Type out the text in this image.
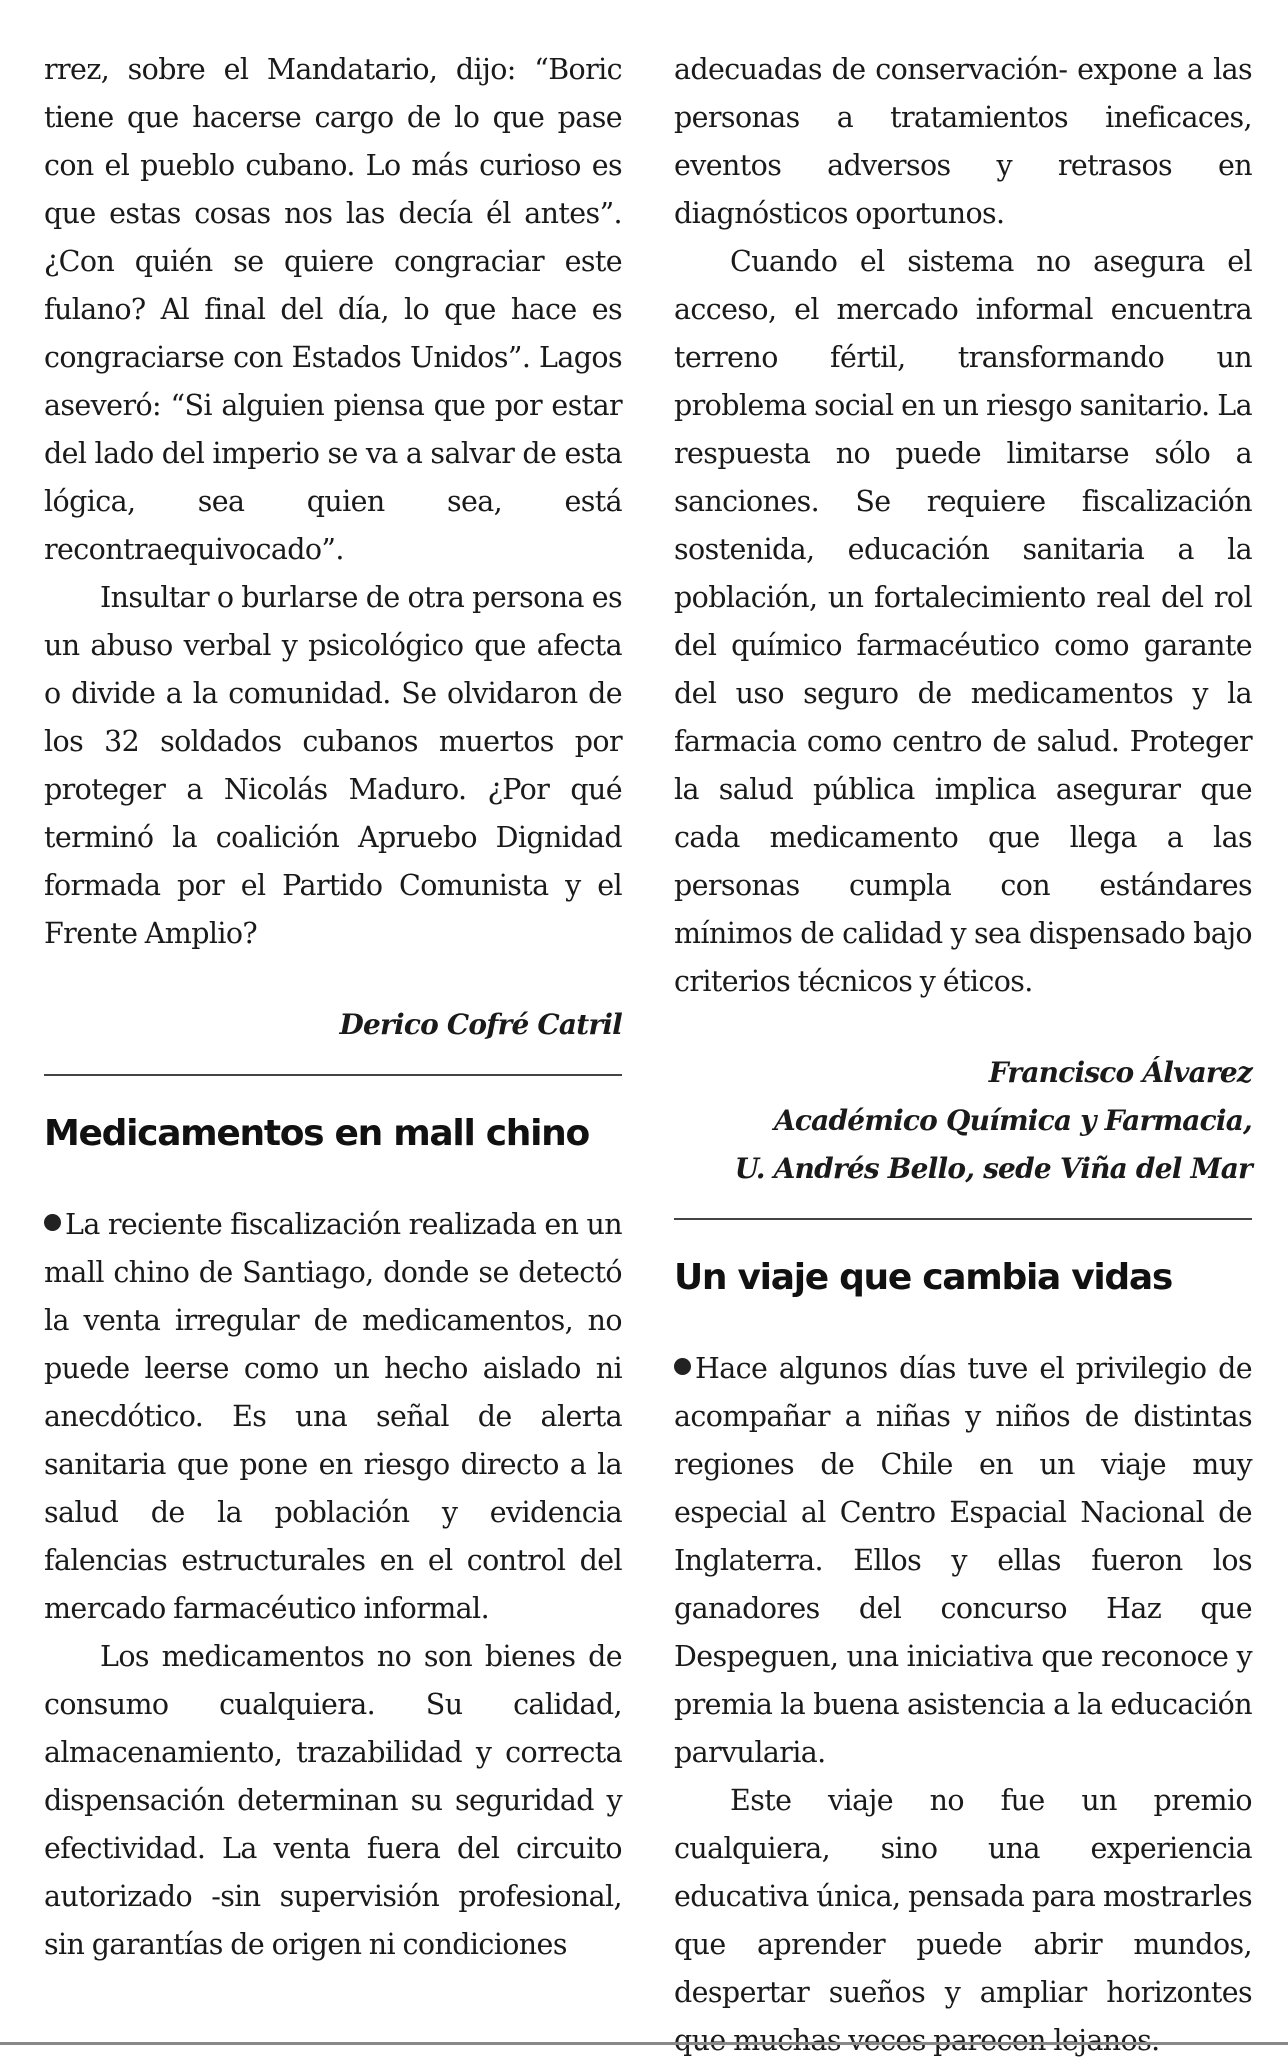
rrez, sobre el Mandatario, dijo: “Boric tiene que hacerse cargo de lo que pase con el pueblo cubano. Lo más curioso es que estas cosas nos las decía él antes”. ¿Con quién se quiere congraciar este fulano? Al final del día, lo que hace es congraciarse con Estados Unidos”. Lagos aseveró: “Si alguien piensa que por estar del lado del imperio se va a salvar de esta lógica, sea quien sea, está recontraequivocado”.

Insultar o burlarse de otra persona es un abuso verbal y psicológico que afecta o divide a la comunidad. Se olvidaron de los 32 soldados cubanos muertos por proteger a Nicolás Maduro. ¿Por qué terminó la coalición Apruebo Dignidad formada por el Partido Comunista y el Frente Amplio?

Derico Cofré Catril

Medicamentos en mall chino

La reciente fiscalización realizada en un mall chino de Santiago, donde se detectó la venta irregular de medicamentos, no puede leerse como un hecho aislado ni anecdótico. Es una señal de alerta sanitaria que pone en riesgo directo a la salud de la población y evidencia falencias estructurales en el control del mercado farmacéutico informal.

Los medicamentos no son bienes de consumo cualquiera. Su calidad, almacenamiento, trazabilidad y correcta dispensación determinan su seguridad y efectividad. La venta fuera del circuito autorizado -sin supervisión profesional, sin garantías de origen ni condiciones

adecuadas de conservación- expone a las personas a tratamientos ineficaces, eventos adversos y retrasos en diagnósticos oportunos.

Cuando el sistema no asegura el acceso, el mercado informal encuentra terreno fértil, transformando un problema social en un riesgo sanitario. La respuesta no puede limitarse sólo a sanciones. Se requiere fiscalización sostenida, educación sanitaria a la población, un fortalecimiento real del rol del químico farmacéutico como garante del uso seguro de medicamentos y la farmacia como centro de salud. Proteger la salud pública implica asegurar que cada medicamento que llega a las personas cumpla con estándares mínimos de calidad y sea dispensado bajo criterios técnicos y éticos.

Francisco Álvarez

Académico Química y Farmacia,

U. Andrés Bello, sede Viña del Mar

Un viaje que cambia vidas

Hace algunos días tuve el privilegio de acompañar a niñas y niños de distintas regiones de Chile en un viaje muy especial al Centro Espacial Nacional de Inglaterra. Ellos y ellas fueron los ganadores del concurso Haz que Despeguen, una iniciativa que reconoce y premia la buena asistencia a la educación parvularia.

Este viaje no fue un premio cualquiera, sino una experiencia educativa única, pensada para mostrarles que aprender puede abrir mundos, despertar sueños y ampliar horizontes que muchas veces parecen lejanos.
